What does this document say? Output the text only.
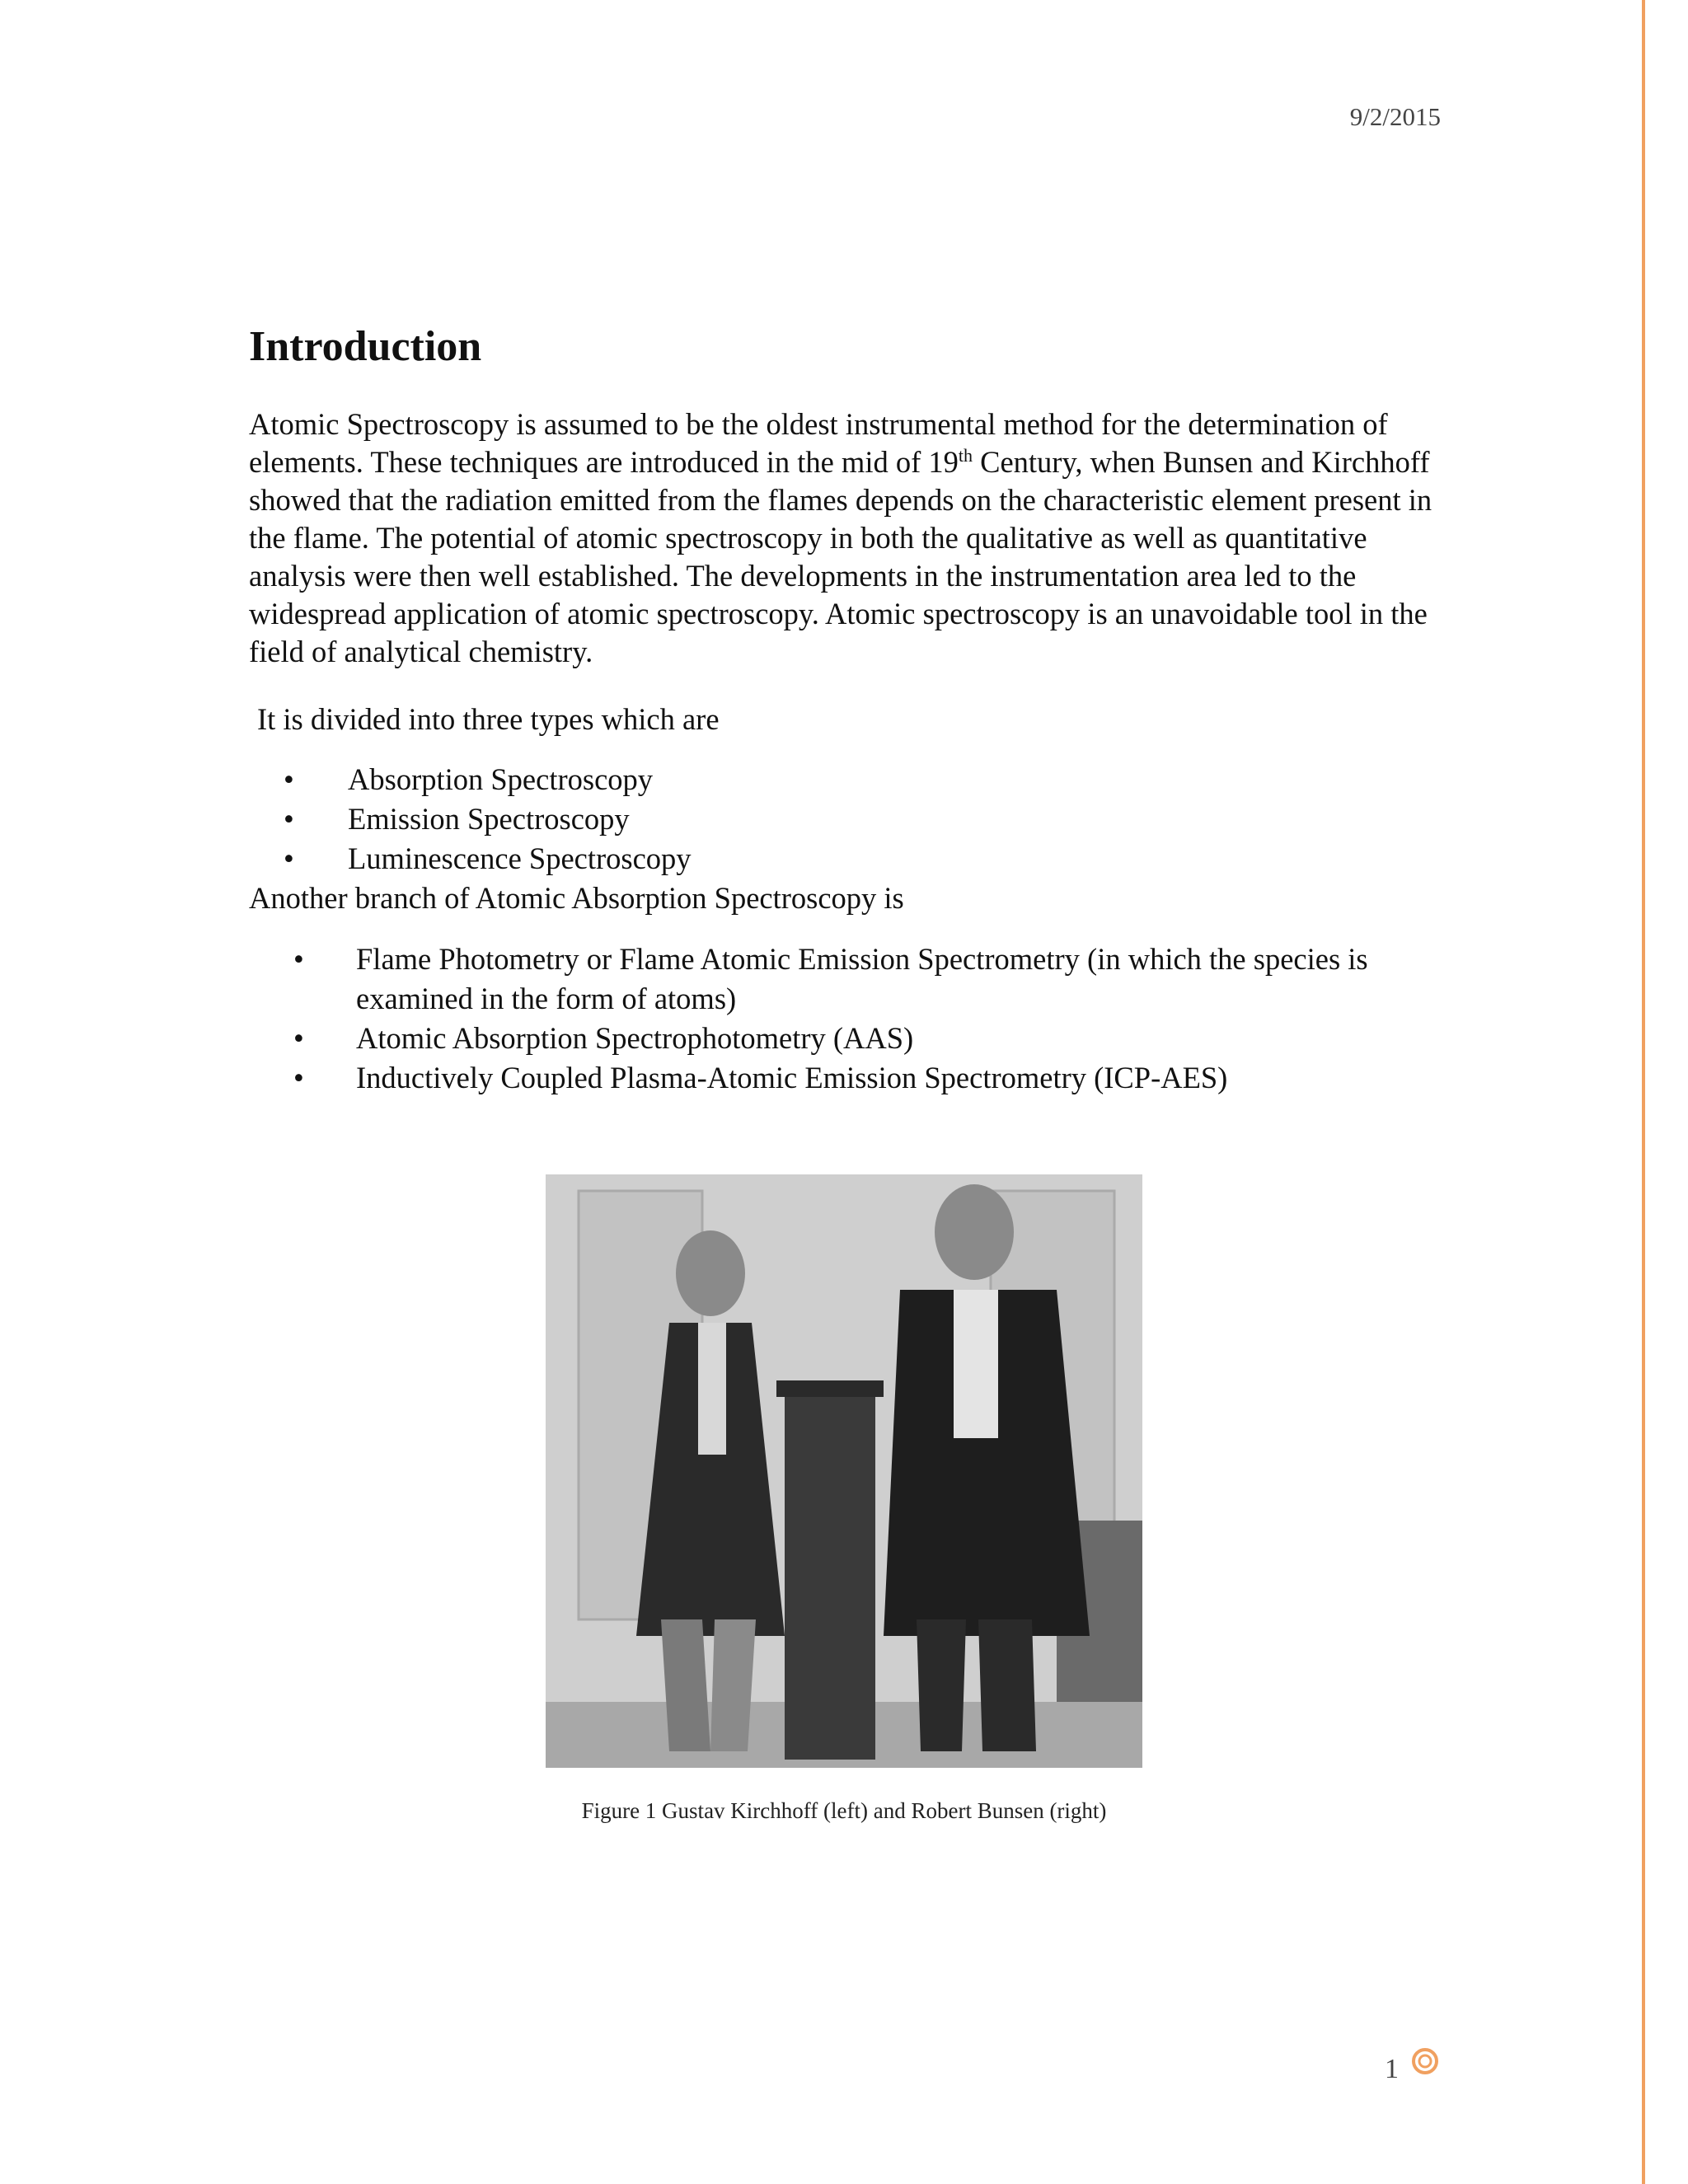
9/2/2015
Introduction

Atomic Spectroscopy is assumed to be the oldest instrumental method for the determination of elements. These techniques are introduced in the mid of 19th Century, when Bunsen and Kirchhoff showed that the radiation emitted from the flames depends on the characteristic element present in the flame. The potential of atomic spectroscopy in both the qualitative as well as quantitative analysis were then well established. The developments in the instrumentation area led to the widespread application of atomic spectroscopy. Atomic spectroscopy is an unavoidable tool in the field of analytical chemistry.

It is divided into three types which are

• Absorption Spectroscopy
• Emission Spectroscopy
• Luminescence Spectroscopy

Another branch of Atomic Absorption Spectroscopy is

• Flame Photometry or Flame Atomic Emission Spectrometry (in which the species is examined in the form of atoms)
• Atomic Absorption Spectrophotometry (AAS)
• Inductively Coupled Plasma-Atomic Emission Spectrometry (ICP-AES)
Figure 1 Gustav Kirchhoff (left) and Robert Bunsen (right)
1
